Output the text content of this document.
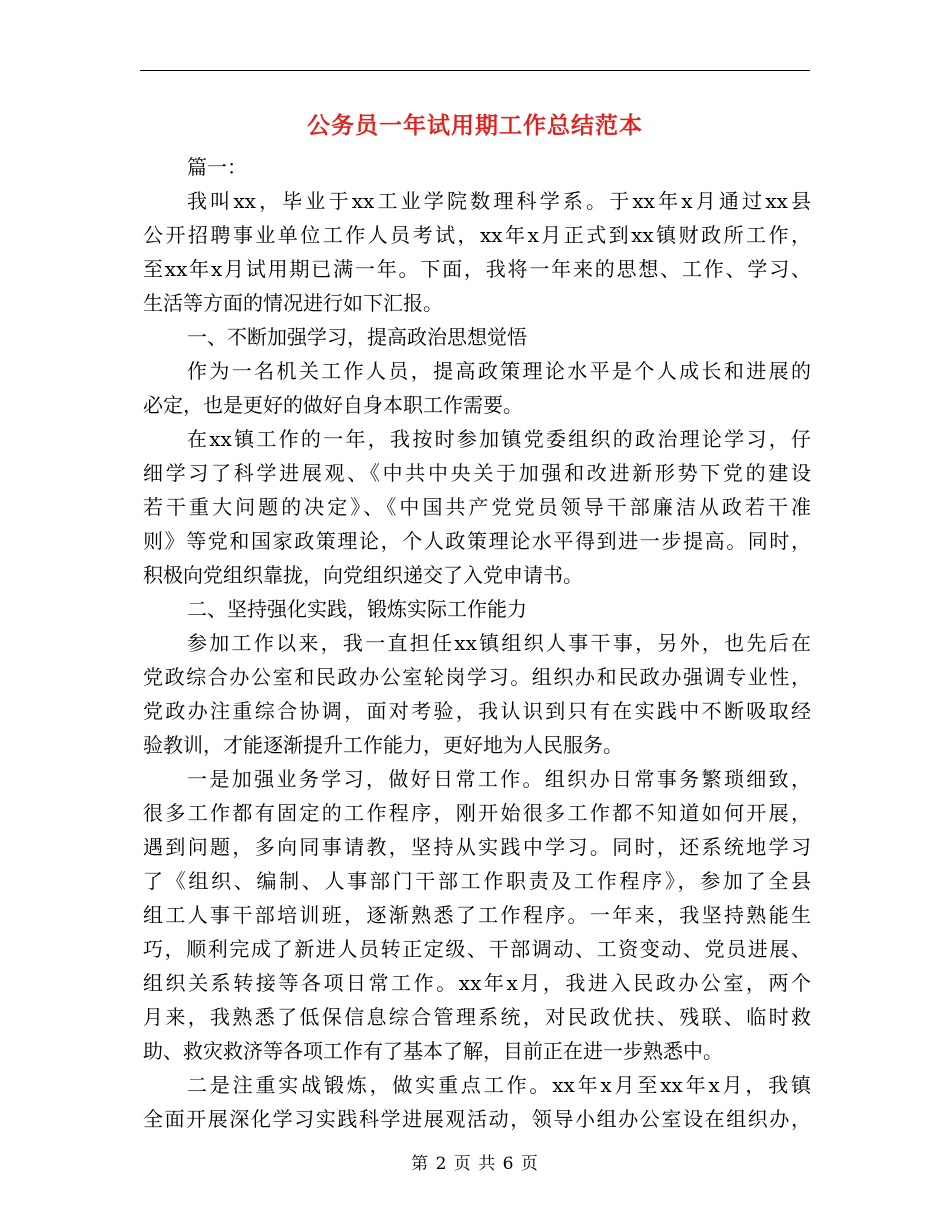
公务员一年试用期工作总结范本
篇一：
我叫xx，毕业于xx工业学院数理科学系。于xx年x月通过xx县
公开招聘事业单位工作人员考试，xx年x月正式到xx镇财政所工作，
至xx年x月试用期已满一年。下面，我将一年来的思想、工作、学习、
生活等方面的情况进行如下汇报。
一、不断加强学习，提高政治思想觉悟
作为一名机关工作人员，提高政策理论水平是个人成长和进展的
必定，也是更好的做好自身本职工作需要。
在xx镇工作的一年，我按时参加镇党委组织的政治理论学习，仔
细学习了科学进展观、《中共中央关于加强和改进新形势下党的建设
若干重大问题的决定》、《中国共产党党员领导干部廉洁从政若干准
则》等党和国家政策理论，个人政策理论水平得到进一步提高。同时，
积极向党组织靠拢，向党组织递交了入党申请书。
二、坚持强化实践，锻炼实际工作能力
参加工作以来，我一直担任xx镇组织人事干事，另外，也先后在
党政综合办公室和民政办公室轮岗学习。组织办和民政办强调专业性，
党政办注重综合协调，面对考验，我认识到只有在实践中不断吸取经
验教训，才能逐渐提升工作能力，更好地为人民服务。
一是加强业务学习，做好日常工作。组织办日常事务繁琐细致，
很多工作都有固定的工作程序，刚开始很多工作都不知道如何开展，
遇到问题，多向同事请教，坚持从实践中学习。同时，还系统地学习
了《组织、编制、人事部门干部工作职责及工作程序》，参加了全县
组工人事干部培训班，逐渐熟悉了工作程序。一年来，我坚持熟能生
巧，顺利完成了新进人员转正定级、干部调动、工资变动、党员进展、
组织关系转接等各项日常工作。xx年x月，我进入民政办公室，两个
月来，我熟悉了低保信息综合管理系统，对民政优扶、残联、临时救
助、救灾救济等各项工作有了基本了解，目前正在进一步熟悉中。
二是注重实战锻炼，做实重点工作。xx年x月至xx年x月，我镇
全面开展深化学习实践科学进展观活动，领导小组办公室设在组织办，
第 2 页 共 6 页
